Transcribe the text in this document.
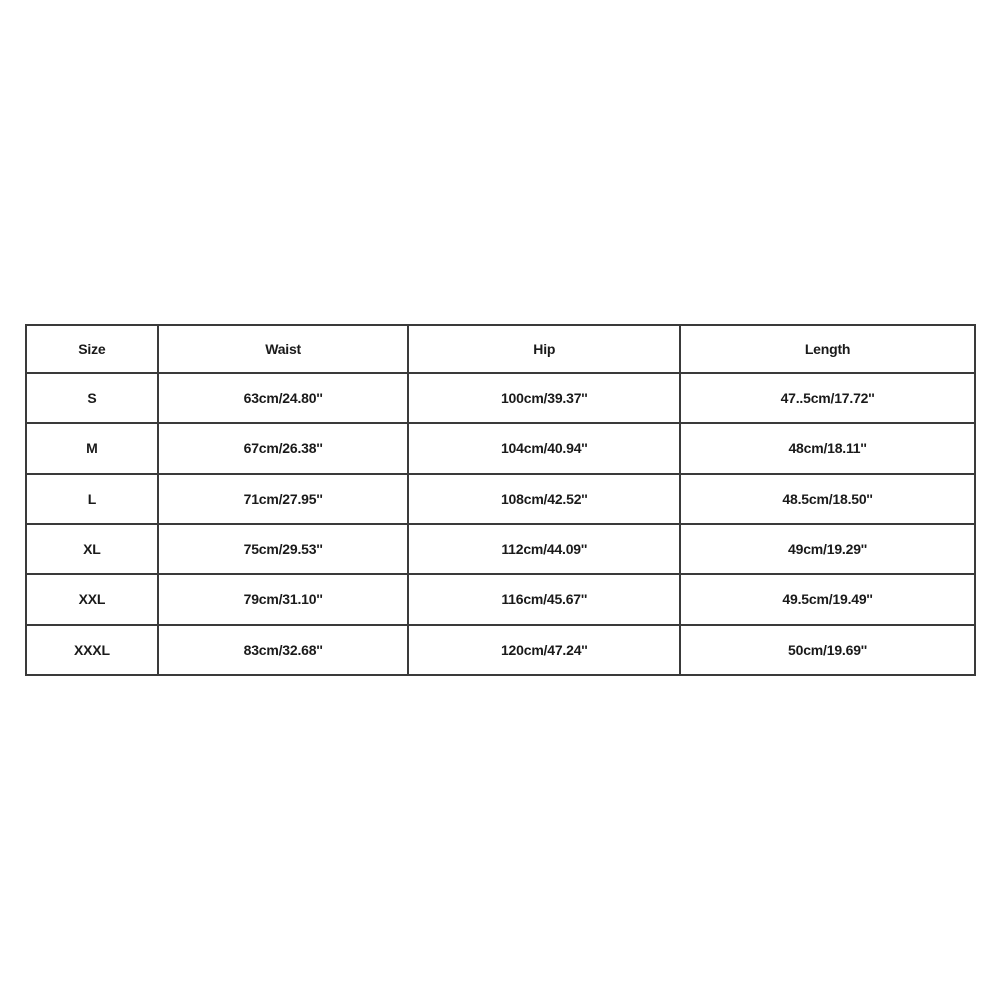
Size	Waist	Hip	Length
S	63cm/24.80''	100cm/39.37''	47..5cm/17.72''
M	67cm/26.38''	104cm/40.94''	48cm/18.11''
L	71cm/27.95''	108cm/42.52''	48.5cm/18.50''
XL	75cm/29.53''	112cm/44.09''	49cm/19.29''
XXL	79cm/31.10''	116cm/45.67''	49.5cm/19.49''
XXXL	83cm/32.68''	120cm/47.24''	50cm/19.69''
